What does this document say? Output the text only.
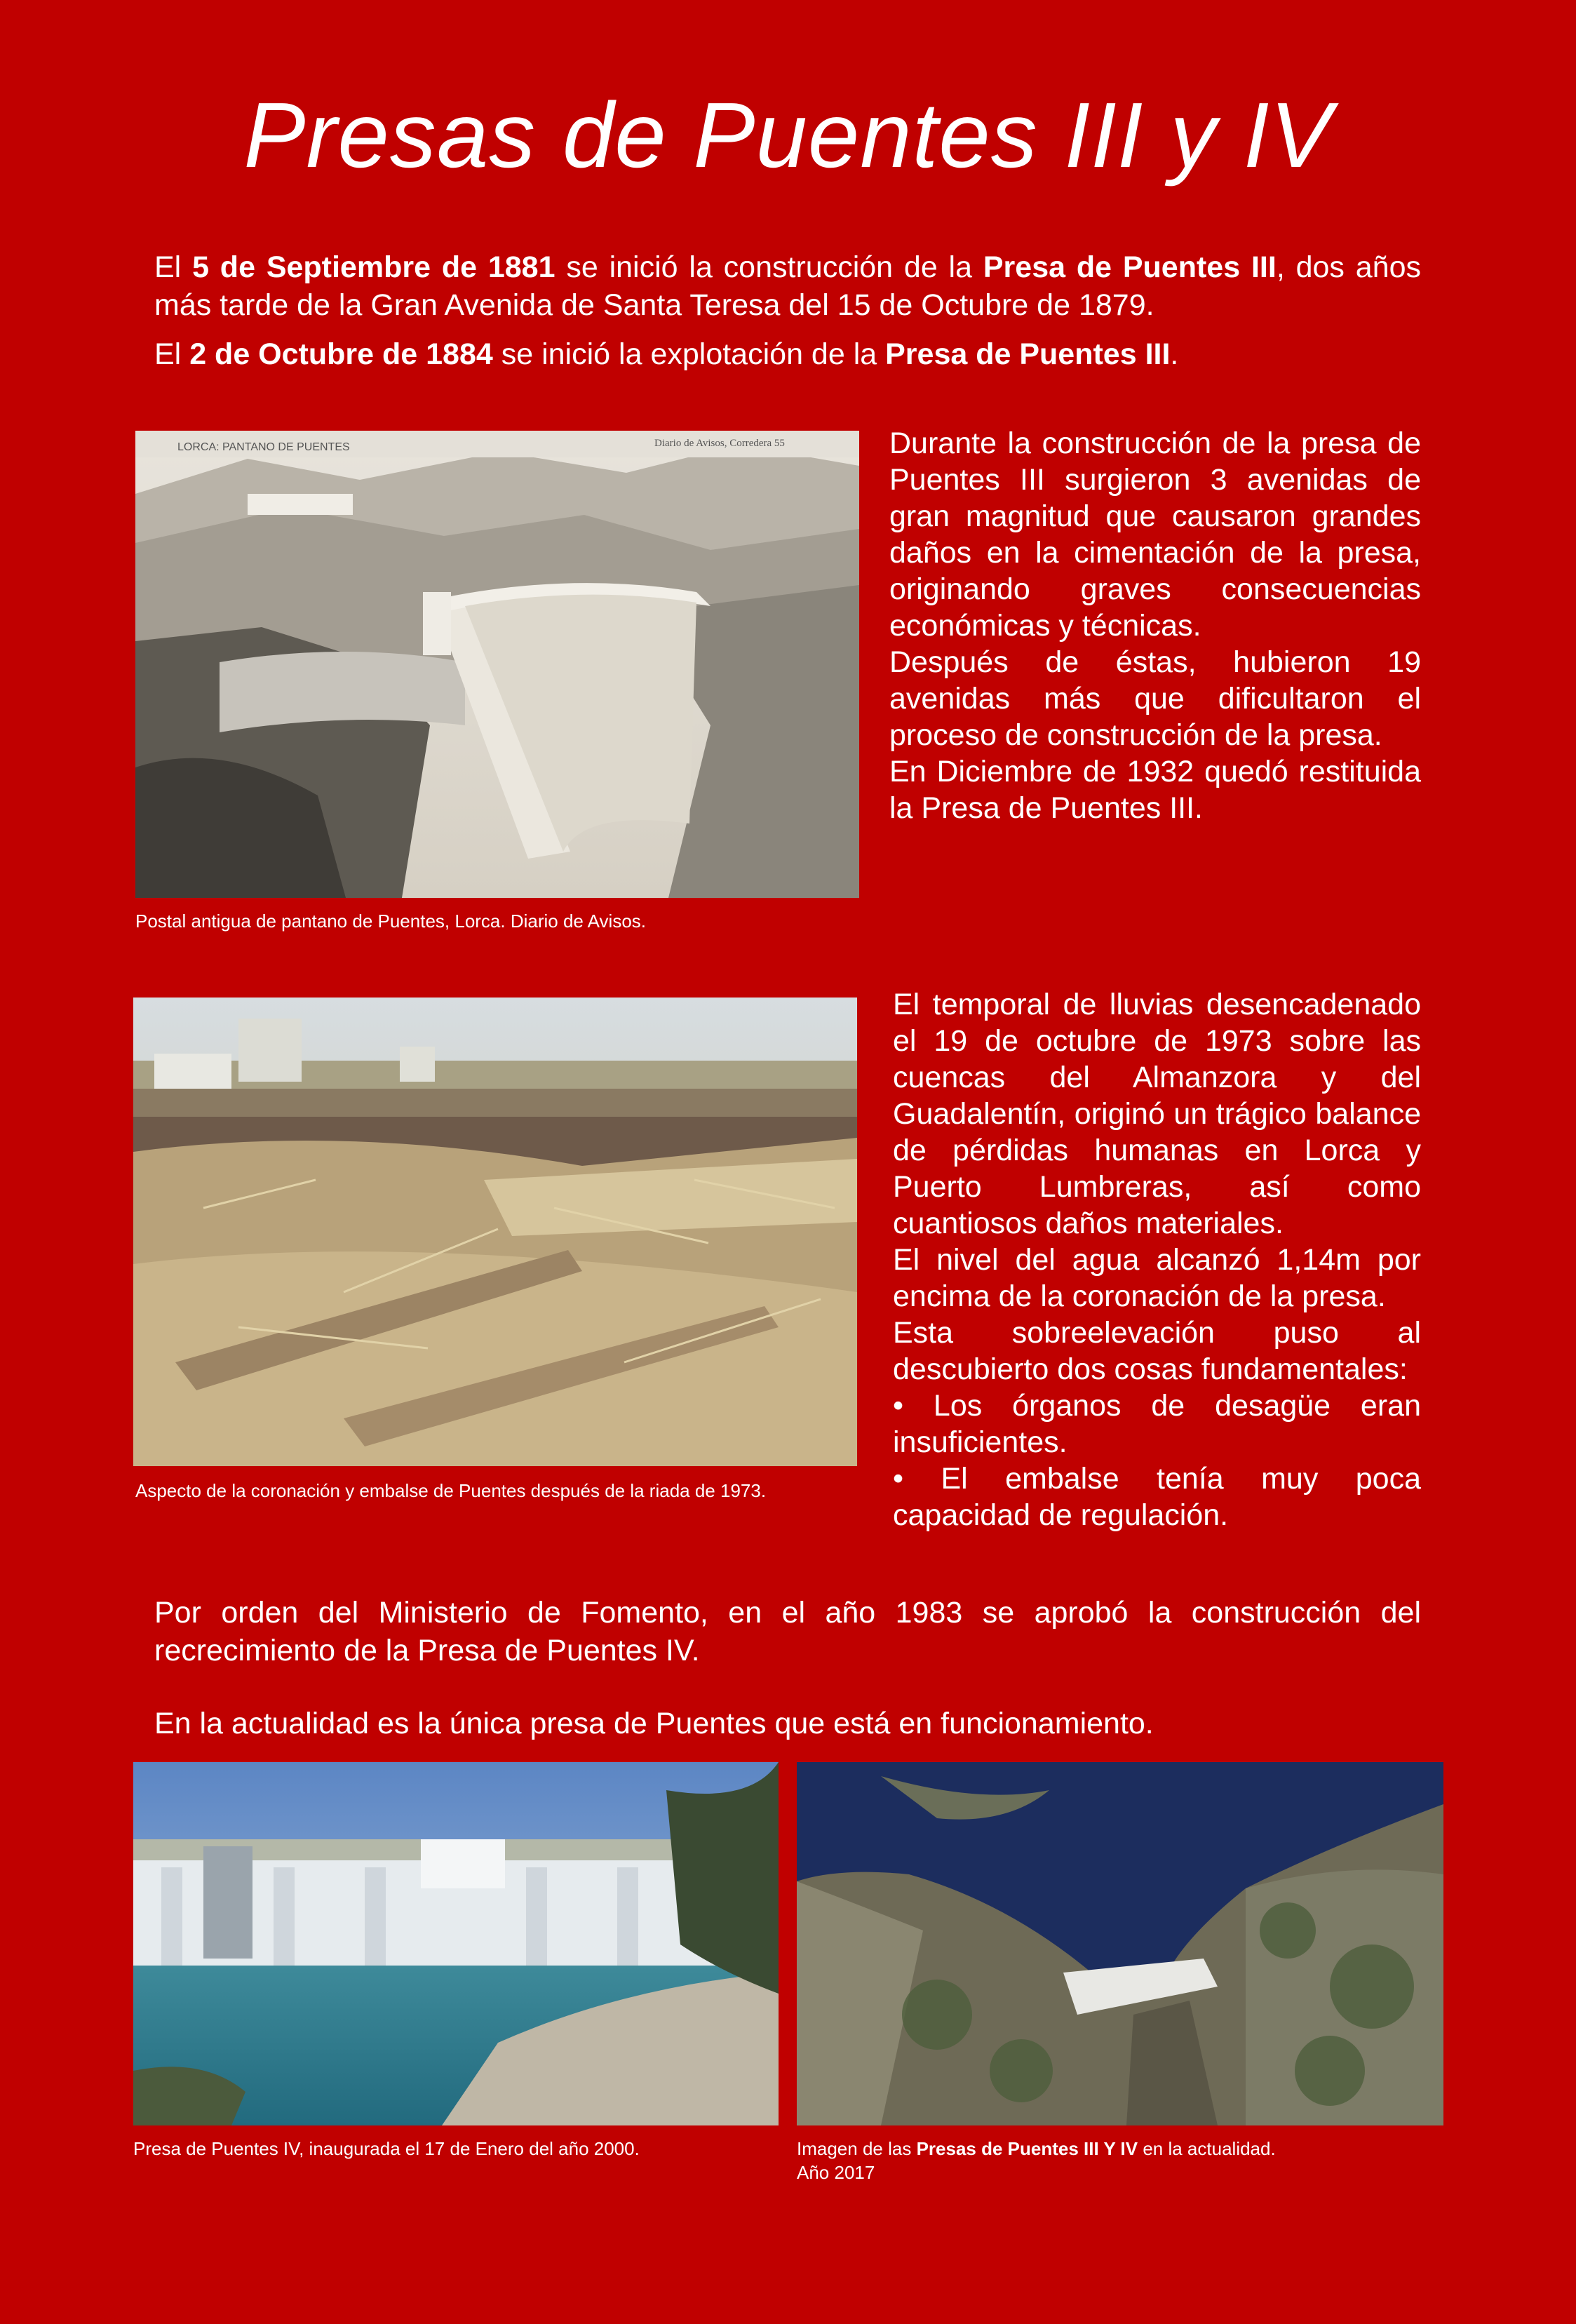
Presas de Puentes III y IV

El 5 de Septiembre de 1881 se inició la construcción de la Presa de Puentes III, dos años más tarde de la Gran Avenida de Santa Teresa del 15 de Octubre de 1879.

El 2 de Octubre de 1884 se inició la explotación de la Presa de Puentes III.

LORCA: PANTANO DE PUENTES	Diario de Avisos, Corredera 55

Postal antigua de pantano de Puentes, Lorca. Diario de Avisos.

Durante la construcción de la presa de Puentes III surgieron 3 avenidas de gran magnitud que causaron grandes daños en la cimentación de la presa, originando graves consecuencias económicas y técnicas.

Después de éstas, hubieron 19 avenidas más que dificultaron el proceso de construcción de la presa.

En Diciembre de 1932 quedó restituida la Presa de Puentes III.

Aspecto de la coronación y embalse de Puentes después de la riada de 1973.

El temporal de lluvias desencadenado el 19 de octubre de 1973 sobre las cuencas del Almanzora y del Guadalentín, originó un trágico balance de pérdidas humanas en Lorca y Puerto Lumbreras, así como cuantiosos daños materiales.

El nivel del agua alcanzó 1,14m por encima de la coronación de la presa.

Esta sobreelevación puso al descubierto dos cosas fundamentales:

• Los órganos de desagüe eran insuficientes.

• El embalse tenía muy poca capacidad de regulación.

Por orden del Ministerio de Fomento, en el año 1983 se aprobó la construcción del recrecimiento de la Presa de Puentes IV.

En la actualidad es la única presa de Puentes que está en funcionamiento.

Presa de Puentes IV, inaugurada el 17 de Enero del año 2000.	Imagen de las Presas de Puentes III Y IV en la actualidad.
Año 2017
